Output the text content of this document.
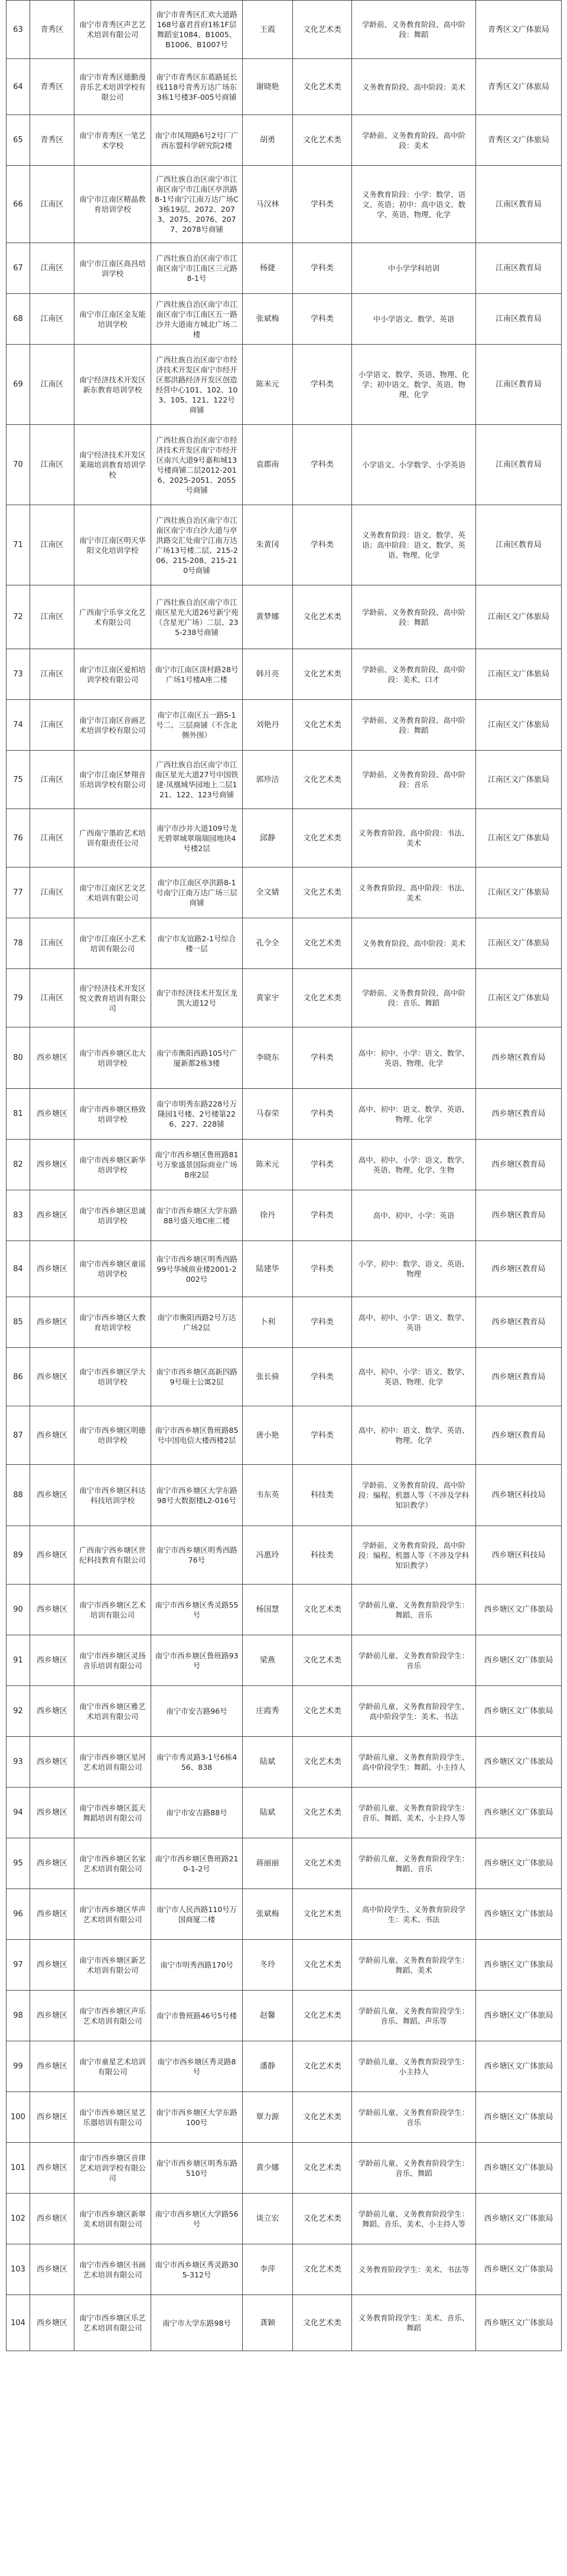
63	青秀区	南宁市青秀区声艺艺术培训有限公司	南宁市青秀区汇欢大道路168号嘉君首府1栋1F层舞蹈室1084、B1005、B1006、B1007号	王霞	文化艺术类	学龄前、义务教育阶段、高中阶段：舞蹈	青秀区文广体旅局
64	青秀区	南宁市青秀区德勤漫音乐艺术培训学校有限公司	南宁市青秀区东葛路延长线118号青秀万达广场东3栋1号楼3F-005号商铺	谢晓艳	文化艺术类	义务教育阶段、高中阶段：美术	青秀区文广体旅局
65	青秀区	南宁市青秀区一笔艺术学校	南宁市凤翔路6号2号厂广西东盟科学研究院2楼	胡勇	文化艺术类	学龄前、义务教育阶段、高中阶段：美术	青秀区文广体旅局
66	江南区	南宁市江南区精晶教育培训学校	广西壮族自治区南宁市江南区南宁市江南区亭洪路8-1号南宁江南万达广场C3栋19层、2072、2073、2075、2076、2077、2078号商铺	马汉林	学科类	义务教育阶段：小学：数学、语文、英语；初中：高中语文、数学、英语、物理、化学	江南区教育局
67	江南区	南宁市江南区高昌培训学校	广西壮族自治区南宁市江南区南宁市江南区三元路8-1号	杨捷	学科类	中小学学科培训	江南区教育局
68	江南区	南宁市江南区金友能培训学校	广西壮族自治区南宁市江南区南宁市江南区五一路沙井大道南方城北广场二楼	张斌梅	学科类	中小学语文、数学、英语	江南区教育局
69	江南区	南宁经济技术开发区新东教育培训学校	广西壮族自治区南宁市经济技术开发区南宁市经开区那洪路经济开发区创造经营中心101、102、103、105、121、122号商铺	陈米元	学科类	小学语文、数学、英语、物理、化学；初中语文、数学、英语、物理、化学	江南区教育局
70	江南区	南宁经济技术开发区莱瑞培训教育培训学校	广西壮族自治区南宁市经济技术开发区南宁市经开区南兴大道9号嘉和城13号楼商铺二层2012-2016、2025-2051、2055号商铺	袁郡南	学科类	小学语文、小学数学、小学英语	江南区教育局
71	江南区	南宁市江南区明天华阳文化培训学校	广西壮族自治区南宁市江南区南宁市白沙大道与亭洪路交汇处南宁江南万达广场13号楼二层、215-206、215-208、215-210号商铺	朱黄冈	学科类	义务教育阶段：语文、数学、英语；高中阶段：语文、数学、英语、物理、化学	江南区教育局
72	江南区	广西南宁乐享文化艺术有限公司	广西壮族自治区南宁市江南区星光大道26号新宁苑（含星光广场）二层、235-238号商铺	黄梦娜	文化艺术类	学龄前、义务教育阶段、高中阶段：舞蹈	江南区文广体旅局
73	江南区	南宁市江南区爱柏培训学校有限公司	南宁市江南区淡村路28号广场1号楼A座二楼	韩月亮	文化艺术类	学龄前、义务教育阶段、高中阶段：美术、口才	江南区文广体旅局
74	江南区	南宁市江南区音画艺术培训学校有限公司	南宁市江南区五一路5-1号二、三层商铺（不含北侧外围）	刘艳丹	文化艺术类	学龄前、义务教育阶段、高中阶段：舞蹈	江南区文广体旅局
75	江南区	南宁市江南区梦翔音乐培训学校有限公司	广西壮族自治区南宁市江南区星光大道27号中国铁建·凤凰城华园地上二层121、122、123号商铺	郭珍洁	文化艺术类	学龄前、义务教育阶段、高中阶段：音乐	江南区文广体旅局
76	江南区	广西南宁墨韵艺术培训有限责任公司	南宁市沙井大道109号龙光碧翠城翠瑞瑞园地块4号楼2层	邱静	文化艺术类	义务教育阶段、高中阶段：书法、美术	江南区文广体旅局
77	江南区	南宁市江南区艺文艺术培训有限公司	南宁市江南区亭洪路8-1号南宁江南万达广场三层商铺	全文婧	文化艺术类	义务教育阶段、高中阶段：书法、美术	江南区文广体旅局
78	江南区	南宁市江南区小艺术培训有限公司	南宁市友谊路2-1号综合楼一层	孔令全	文化艺术类	义务教育阶段、高中阶段：美术	江南区文广体旅局
79	江南区	南宁经济技术开发区悦文教育培训有限公司	南宁市经济技术开发区龙凯大道12号	黄家宇	文化艺术类	学龄前、义务教育阶段、高中阶段：音乐、舞蹈	江南区文广体旅局
80	西乡塘区	南宁市西乡塘区北大培训学校	南宁市衡阳西路105号广厦新都2栋3楼	李晓东	学科类	高中：初中、小学：语文、数学、英语、物理、化学	西乡塘区教育局
81	西乡塘区	南宁市西乡塘区格致培训学校	南宁市明秀东路228号万隆园1号楼、2号楼第226、227、228铺	马春荣	学科类	高中、初中：语文、数学、英语、物理、化学	西乡塘区教育局
82	西乡塘区	南宁市西乡塘区新华培训学校	南宁市西乡塘区鲁班路81号万象盛景国际商业广场B座2层	陈米元	学科类	高中、初中、小学：语文、数学、英语、物理、化学、生物	西乡塘区教育局
83	西乡塘区	南宁市西乡塘区思诚培训学校	南宁市西乡塘区大学东路88号盛天地C座二楼	徐丹	学科类	高中、初中、小学：英语	西乡塘区教育局
84	西乡塘区	南宁市西乡塘区童谣培训学校	南宁市西乡塘区明秀西路99号华城商业楼2001-2002号	陆建华	学科类	小学、初中：数学、语文、英语、物理	西乡塘区教育局
85	西乡塘区	南宁市西乡塘区大教育培训学校	南宁市衡阳西路2号万达广场2层	卜利	学科类	高中、初中、小学：语文、数学、英语	西乡塘区教育局
86	西乡塘区	南宁市西乡塘区学大培训学校	南宁市西乡塘区高新四路9号瑞士公寓2层	张长骑	学科类	高中、初中、小学：语文、数学、英语、物理、化学	西乡塘区教育局
87	西乡塘区	南宁市西乡塘区明德培训学校	南宁市西乡塘区鲁班路85号中国电信大楼西楼2层	唐小艳	学科类	高中、初中：语文、数学、英语、物理、化学	西乡塘区教育局
88	西乡塘区	南宁市西乡塘区科达科技培训学校	南宁市西乡塘区大学东路98号大数据楼L2-016号	韦东英	科技类	学龄前、义务教育阶段、高中阶段：编程、机器人等（不涉及学科知识教学）	西乡塘区科技局
89	西乡塘区	广西南宁西乡塘区世纪科技教育有限公司	南宁市西乡塘区明秀西路76号	冯惠玲	科技类	学龄前、义务教育阶段、高中阶段：编程、机器人等（不涉及学科知识教学）	西乡塘区科技局
90	西乡塘区	南宁市西乡塘区艺术培训有限公司	南宁市西乡塘区秀灵路55号	杨国慧	文化艺术类	学龄前儿童、义务教育阶段学生：舞蹈、音乐	西乡塘区文广体旅局
91	西乡塘区	南宁市西乡塘区灵扬音乐培训有限公司	南宁市西乡塘区鲁班路93号	梁燕	文化艺术类	学龄前儿童、义务教育阶段学生：音乐	西乡塘区文广体旅局
92	西乡塘区	南宁市西乡塘区雅艺术培训有限公司	南宁市安吉路96号	庄霞秀	文化艺术类	学龄前儿童、义务教育阶段学生、高中阶段学生：美术、书法	西乡塘区文广体旅局
93	西乡塘区	南宁市西乡塘区星河艺术培训有限公司	南宁市秀灵路3-1号6栋456、838	陆斌	文化艺术类	学龄前儿童、义务教育阶段学生、高中阶段学生：舞蹈、小主持人	西乡塘区文广体旅局
94	西乡塘区	南宁市西乡塘区蓝天舞蹈培训有限公司	南宁市安吉路88号	陆斌	文化艺术类	学龄前儿童、义务教育阶段学生：音乐、舞蹈、美术、小主持人等	西乡塘区文广体旅局
95	西乡塘区	南宁市西乡塘区名家艺术培训有限公司	南宁市西乡塘区鲁班路210-1-2号	蒋丽丽	文化艺术类	学龄前儿童、义务教育阶段学生：舞蹈、音乐	西乡塘区文广体旅局
96	西乡塘区	南宁市西乡塘区华声艺术培训有限公司	南宁市人民西路110号万国商厦二楼	张斌梅	文化艺术类	高中阶段学生、义务教育阶段学生：美术、书法	西乡塘区文广体旅局
97	西乡塘区	南宁市西乡塘区新艺术培训有限公司	南宁市明秀西路170号	冬玲	文化艺术类	学龄前儿童、义务教育阶段学生：舞蹈、美术	西乡塘区文广体旅局
98	西乡塘区	南宁市西乡塘区声乐艺术培训有限公司	南宁市鲁班路46号5号楼	赵馨	文化艺术类	学龄前儿童、义务教育阶段学生：音乐、舞蹈、声乐等	西乡塘区文广体旅局
99	西乡塘区	南宁市童星艺术培训有限公司	南宁市西乡塘区秀灵路8号	潘静	文化艺术类	学龄前儿童、义务教育阶段学生：小主持人	西乡塘区文广体旅局
100	西乡塘区	南宁市西乡塘区星艺乐器培训有限公司	南宁市西乡塘区大学东路100号	覃力源	文化艺术类	学龄前儿童、义务教育阶段学生：音乐	西乡塘区文广体旅局
101	西乡塘区	南宁市西乡塘区音律艺术培训学校有限公司	南宁市西乡塘区明秀东路510号	黄少娜	文化艺术类	学龄前儿童、义务教育阶段学生：音乐、舞蹈	西乡塘区文广体旅局
102	西乡塘区	南宁市西乡塘区新翠美术培训有限公司	南宁市西乡塘区大学路56号	谈立宏	文化艺术类	学龄前儿童、义务教育阶段学生：舞蹈、音乐、美术、小主持人等	西乡塘区文广体旅局
103	西乡塘区	南宁市西乡塘区书画艺术培训有限公司	南宁市西乡塘区秀灵路305-312号	李萍	文化艺术类	义务教育阶段学生：美术、书法等	西乡塘区文广体旅局
104	西乡塘区	南宁市西乡塘区乐艺艺术培训有限公司	南宁市大学东路98号	龚颖	文化艺术类	义务教育阶段学生：美术、音乐、舞蹈	西乡塘区文广体旅局
